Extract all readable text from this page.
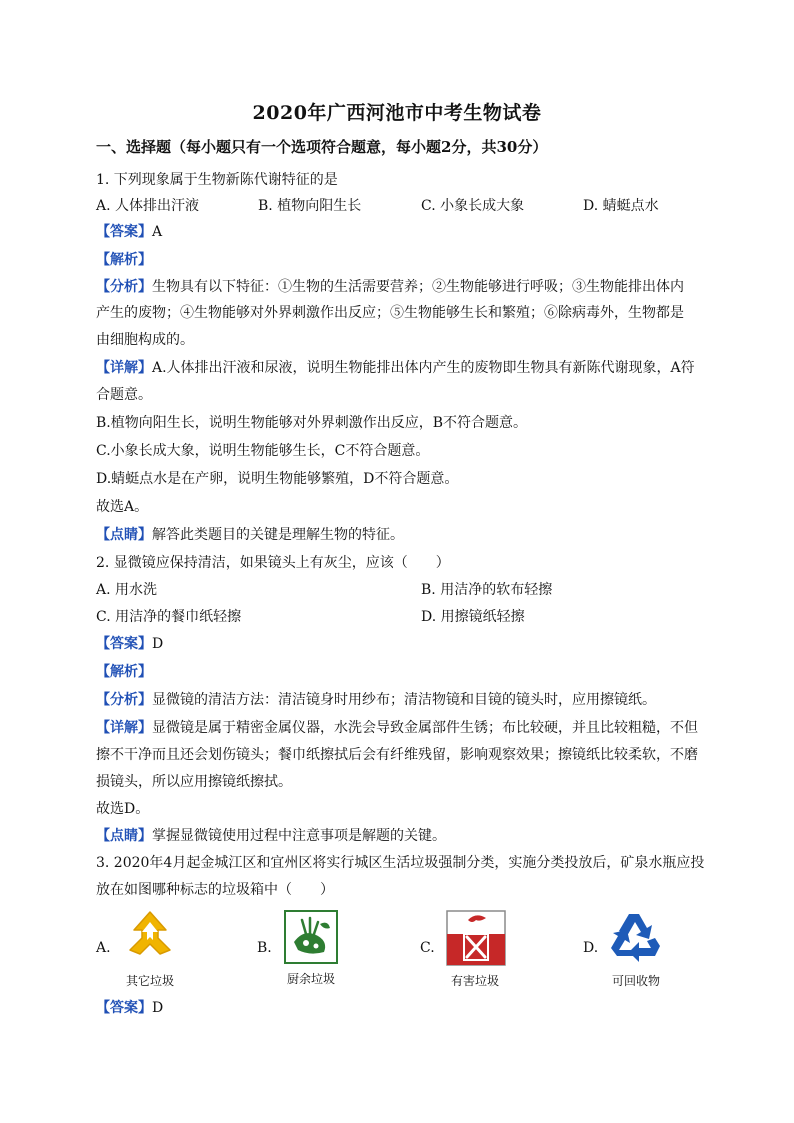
2020年广西河池市中考生物试卷
一、选择题（每小题只有一个选项符合题意，每小题2分，共30分）
1. 下列现象属于生物新陈代谢特征的是
A. 人体排出汗液	B. 植物向阳生长	C. 小象长成大象	D. 蜻蜓点水
【答案】A
【解析】
【分析】生物具有以下特征：①生物的生活需要营养；②生物能够进行呼吸；③生物能排出体内
产生的废物；④生物能够对外界刺激作出反应；⑤生物能够生长和繁殖；⑥除病毒外，生物都是
由细胞构成的。
【详解】A.人体排出汗液和尿液，说明生物能排出体内产生的废物即生物具有新陈代谢现象，A符
合题意。
B.植物向阳生长，说明生物能够对外界刺激作出反应，B不符合题意。
C.小象长成大象，说明生物能够生长，C不符合题意。
D.蜻蜓点水是在产卵，说明生物能够繁殖，D不符合题意。
故选A。
【点睛】解答此类题目的关键是理解生物的特征。
2. 显微镜应保持清洁，如果镜头上有灰尘，应该（　　）
A. 用水洗	B. 用洁净的软布轻擦
C. 用洁净的餐巾纸轻擦	D. 用擦镜纸轻擦
【答案】D
【解析】
【分析】显微镜的清洁方法：清洁镜身时用纱布；清洁物镜和目镜的镜头时，应用擦镜纸。
【详解】显微镜是属于精密金属仪器，水洗会导致金属部件生锈；布比较硬，并且比较粗糙，不但
擦不干净而且还会划伤镜头；餐巾纸擦拭后会有纤维残留，影响观察效果；擦镜纸比较柔软，不磨
损镜头，所以应用擦镜纸擦拭。
故选D。
【点睛】掌握显微镜使用过程中注意事项是解题的关键。
3. 2020年4月起金城江区和宜州区将实行城区生活垃圾强制分类，实施分类投放后，矿泉水瓶应投
放在如图哪种标志的垃圾箱中（　　）
A.
其它垃圾
B.
厨余垃圾
C.
有害垃圾
D.
可回收物
【答案】D
